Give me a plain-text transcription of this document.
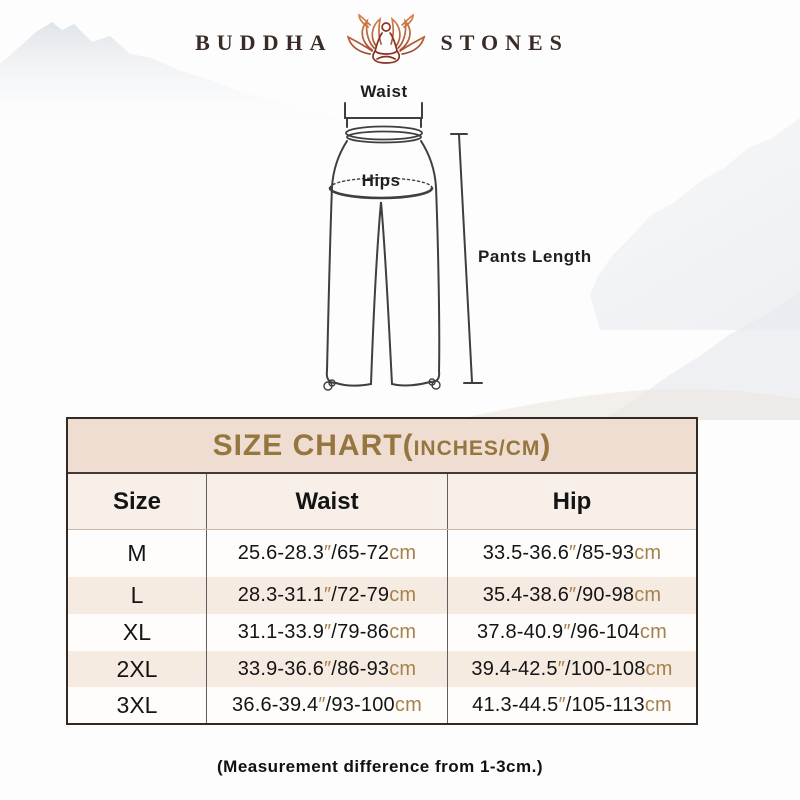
BUDDHA	STONES
Waist
Hips
Pants Length
SIZE CHART( INCHES/CM )
Size	Waist	Hip
M	25.6-28.3 ″ / 65-72 cm	33.5-36.6 ″ / 85-93 cm
L	28.3-31.1 ″ / 72-79 cm	35.4-38.6 ″ / 90-98 cm
XL	31.1-33.9 ″ / 79-86 cm	37.8-40.9 ″ / 96-104 cm
2XL	33.9-36.6 ″ / 86-93 cm	39.4-42.5 ″ / 100-108 cm
3XL	36.6-39.4 ″ / 93-100 cm	41.3-44.5 ″ / 105-113 cm
(Measurement difference from 1-3cm.)
